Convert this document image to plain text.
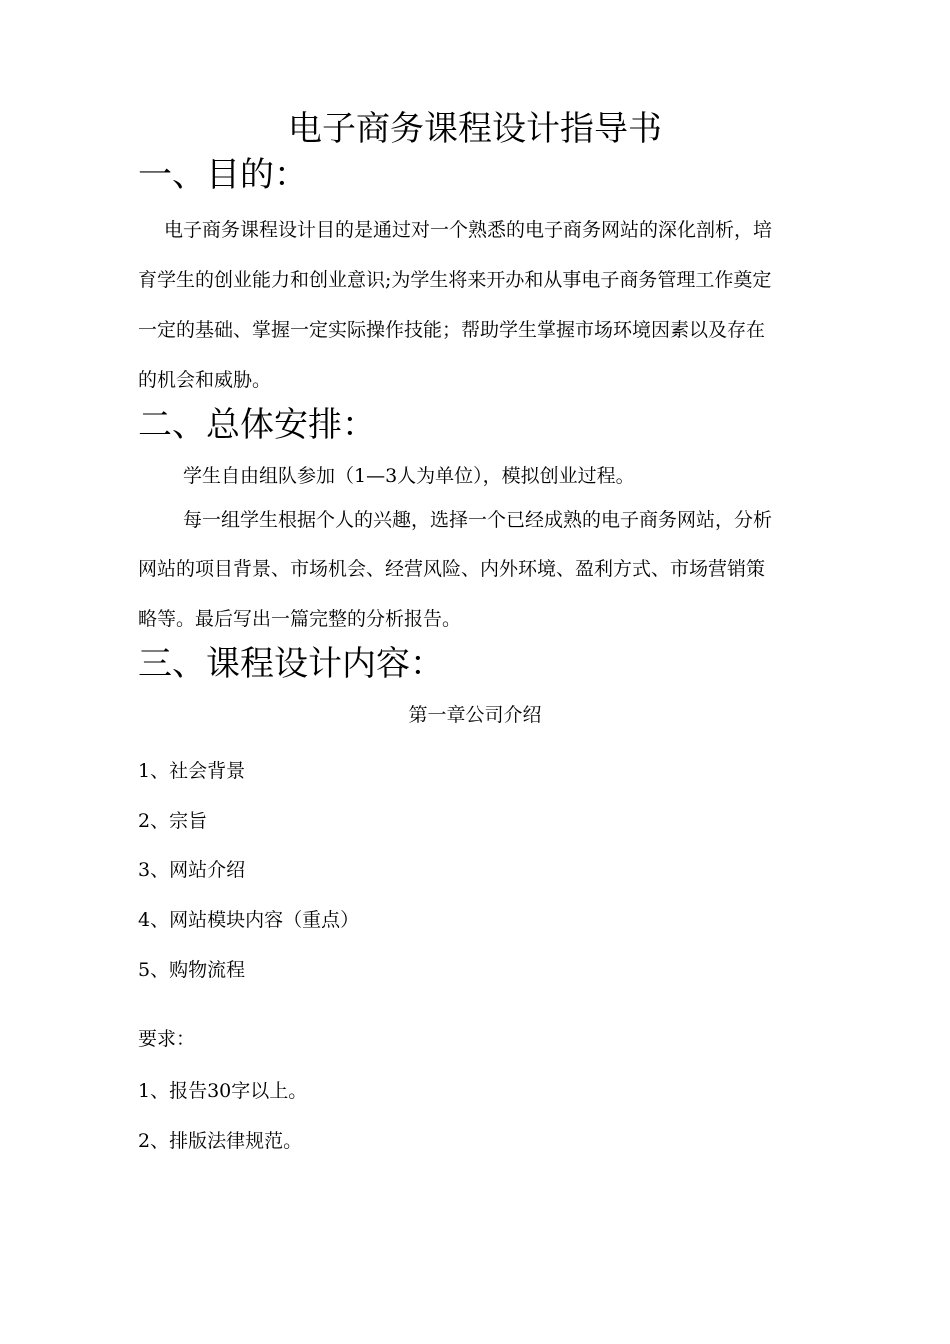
电子商务课程设计指导书
一、目的：
电子商务课程设计目的是通过对一个熟悉的电子商务网站的深化剖析，培
育学生的创业能力和创业意识;为学生将来开办和从事电子商务管理工作奠定
一定的基础、掌握一定实际操作技能；帮助学生掌握市场环境因素以及存在
的机会和威胁。
二、总体安排：
学生自由组队参加（1—3人为单位），模拟创业过程。
每一组学生根据个人的兴趣，选择一个已经成熟的电子商务网站，分析
网站的项目背景、市场机会、经营风险、内外环境、盈利方式、市场营销策
略等。最后写出一篇完整的分析报告。
三、课程设计内容：
第一章公司介绍
1、社会背景
2、宗旨
3、网站介绍
4、网站模块内容（重点）
5、购物流程
要求：
1、报告30字以上。
2、排版法律规范。
